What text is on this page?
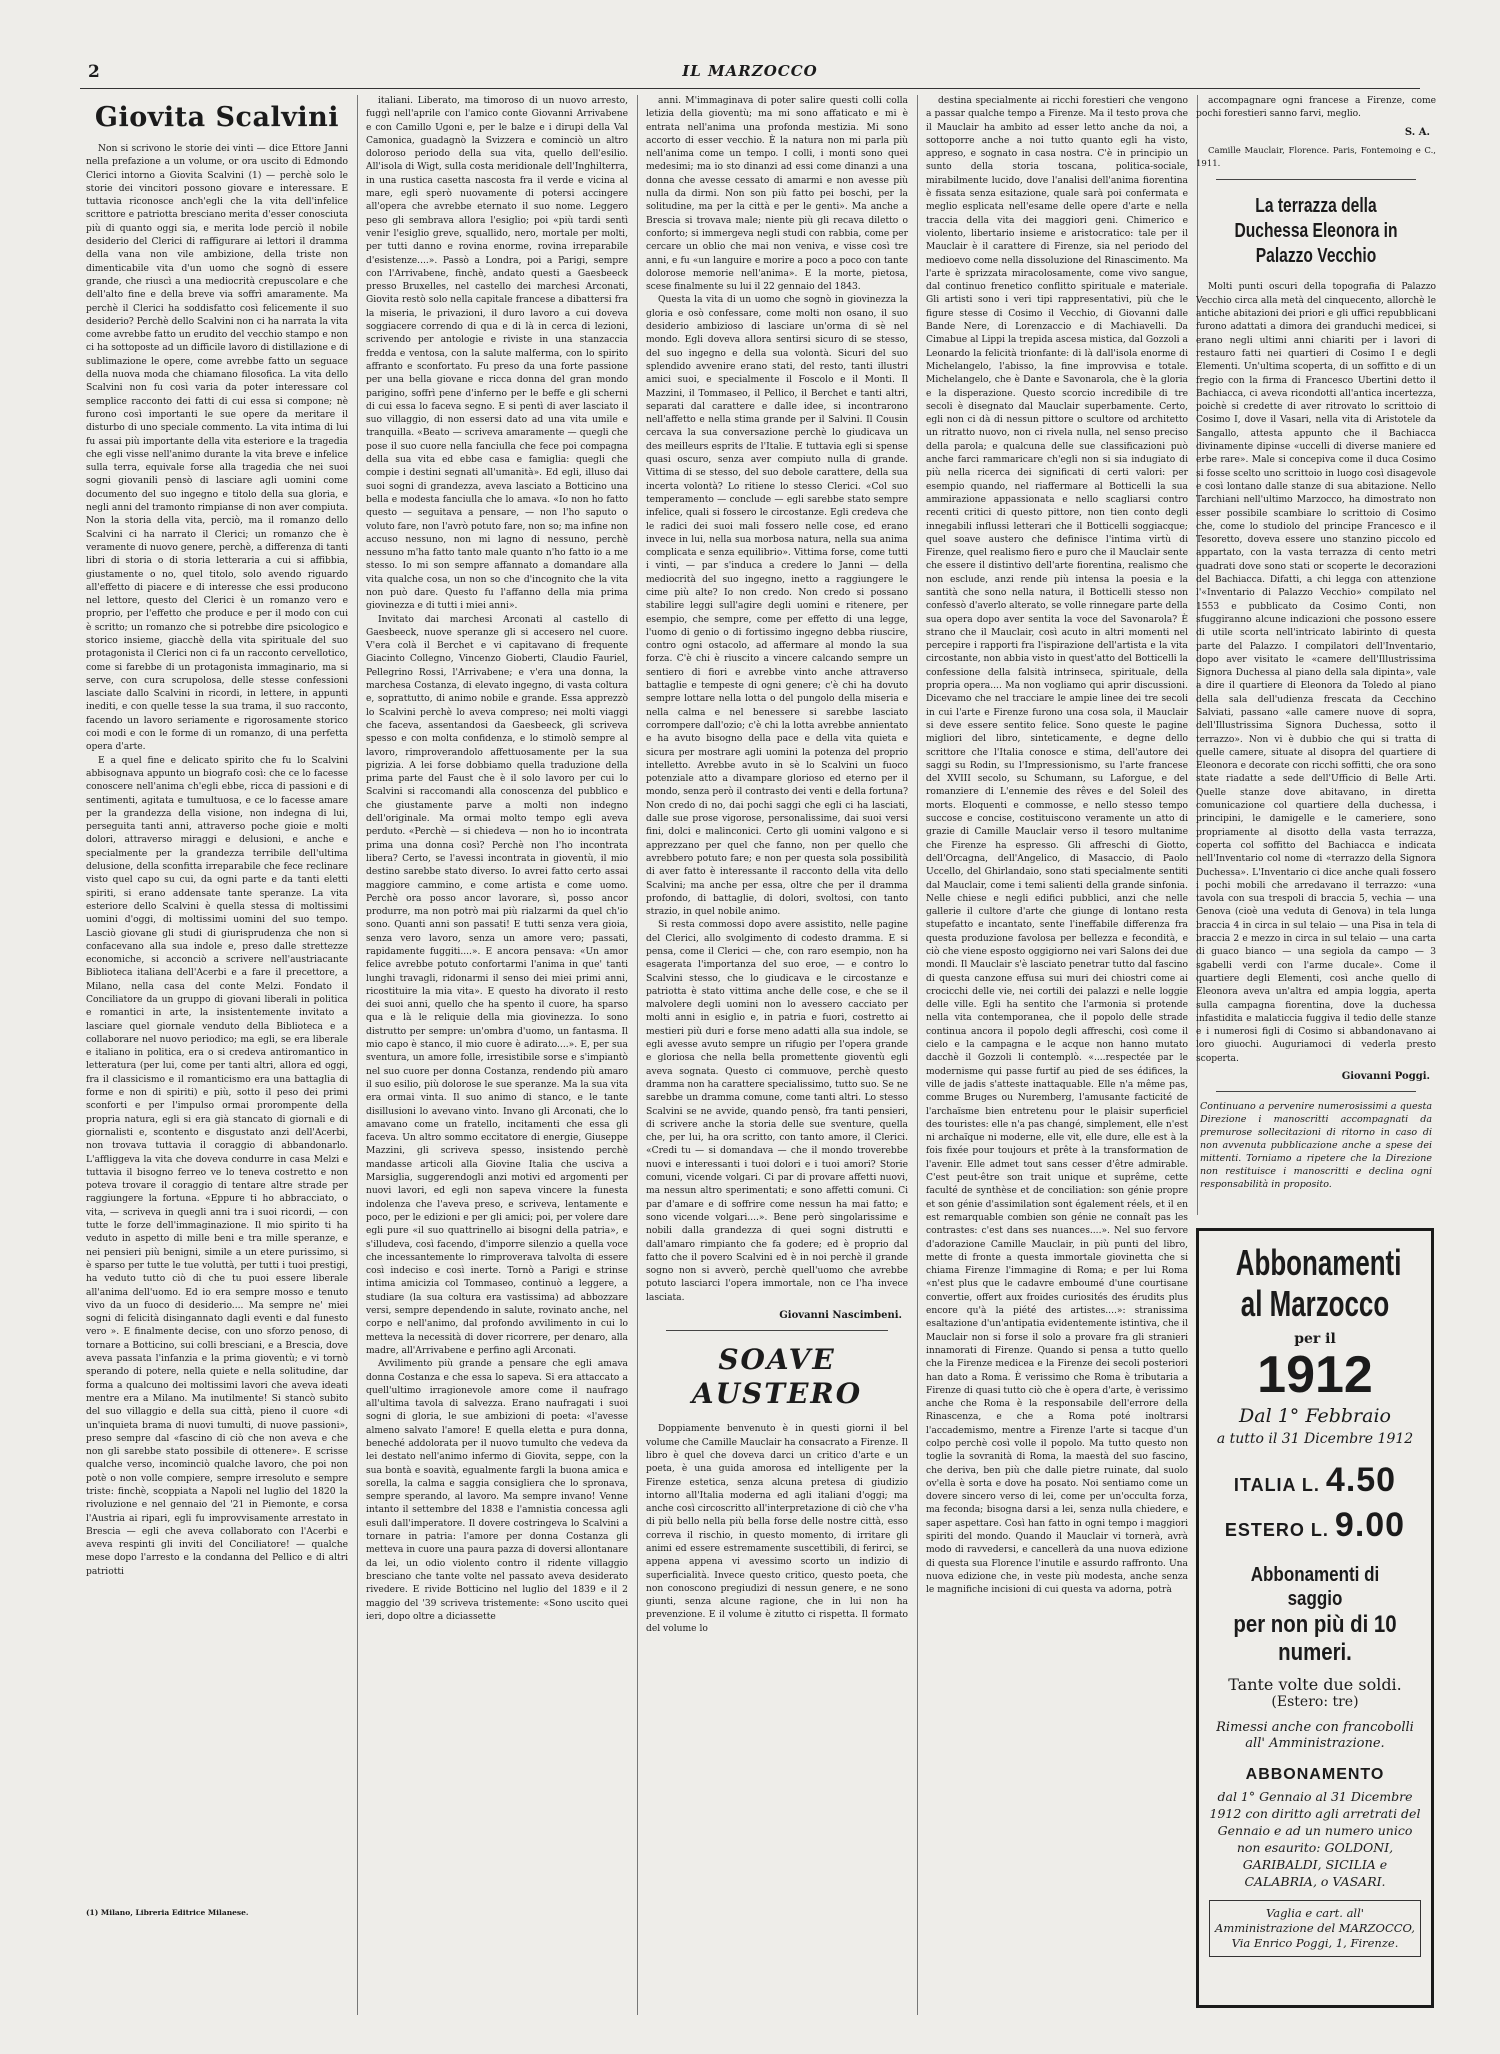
2	IL MARZOCCO
Giovita Scalvini

Non si scrivono le storie dei vinti — dice Ettore Janni nella prefazione a un volume, or ora uscito di Edmondo Clerici intorno a Giovita Scalvini (1) — perchè solo le storie dei vincitori possono giovare e interessare. E tuttavia riconosce anch'egli che la vita dell'infelice scrittore e patriotta bresciano merita d'esser conosciuta più di quanto oggi sia, e merita lode perciò il nobile desiderio del Clerici di raffigurare ai lettori il dramma della vana non vile ambizione, della triste non dimenticabile vita d'un uomo che sognò di essere grande, che riuscì a una mediocrità crepuscolare e che dell'alto fine e della breve via soffrì amaramente. Ma perchè il Clerici ha soddisfatto così felicemente il suo desiderio? Perchè dello Scalvini non ci ha narrata la vita come avrebbe fatto un erudito del vecchio stampo e non ci ha sottoposte ad un difficile lavoro di distillazione e di sublimazione le opere, come avrebbe fatto un seguace della nuova moda che chiamano filosofica. La vita dello Scalvini non fu così varia da poter interessare col semplice racconto dei fatti di cui essa si compone; nè furono così importanti le sue opere da meritare il disturbo di uno speciale commento. La vita intima di lui fu assai più importante della vita esteriore e la tragedia che egli visse nell'animo durante la vita breve e infelice sulla terra, equivale forse alla tragedia che nei suoi sogni giovanili pensò di lasciare agli uomini come documento del suo ingegno e titolo della sua gloria, e negli anni del tramonto rimpianse di non aver compiuta. Non la storia della vita, perciò, ma il romanzo dello Scalvini ci ha narrato il Clerici; un romanzo che è veramente di nuovo genere, perchè, a differenza di tanti libri di storia o di storia letteraria a cui si affibbia, giustamente o no, quel titolo, solo avendo riguardo all'effetto di piacere e di interesse che essi producono nel lettore, questo del Clerici è un romanzo vero e proprio, per l'effetto che produce e per il modo con cui è scritto; un romanzo che si potrebbe dire psicologico e storico insieme, giacchè della vita spirituale del suo protagonista il Clerici non ci fa un racconto cervellotico, come si farebbe di un protagonista immaginario, ma si serve, con cura scrupolosa, delle stesse confessioni lasciate dallo Scalvini in ricordi, in lettere, in appunti inediti, e con quelle tesse la sua trama, il suo racconto, facendo un lavoro seriamente e rigorosamente storico coi modi e con le forme di un romanzo, di una perfetta opera d'arte.

E a quel fine e delicato spirito che fu lo Scalvini abbisognava appunto un biografo così: che ce lo facesse conoscere nell'anima ch'egli ebbe, ricca di passioni e di sentimenti, agitata e tumultuosa, e ce lo facesse amare per la grandezza della visione, non indegna di lui, perseguita tanti anni, attraverso poche gioie e molti dolori, attraverso miraggi e delusioni, e anche e specialmente per la grandezza terribile dell'ultima delusione, della sconfitta irreparabile che fece reclinare visto quel capo su cui, da ogni parte e da tanti eletti spiriti, si erano addensate tante speranze. La vita esteriore dello Scalvini è quella stessa di moltissimi uomini d'oggi, di moltissimi uomini del suo tempo. Lasciò giovane gli studi di giurisprudenza che non si confacevano alla sua indole e, preso dalle strettezze economiche, si acconciò a scrivere nell'austriacante Biblioteca italiana dell'Acerbi e a fare il precettore, a Milano, nella casa del conte Melzi. Fondato il Conciliatore da un gruppo di giovani liberali in politica e romantici in arte, la insistentemente invitato a lasciare quel giornale venduto della Biblioteca e a collaborare nel nuovo periodico; ma egli, se era liberale e italiano in politica, era o si credeva antiromantico in letteratura (per lui, come per tanti altri, allora ed oggi, fra il classicismo e il romanticismo era una battaglia di forme e non di spiriti) e più, sotto il peso dei primi sconforti e per l'impulso ormai prorompente della propria natura, egli si era già stancato di giornali e di giornalisti e, scontento e disgustato anzi dell'Acerbi, non trovava tuttavia il coraggio di abbandonarlo. L'affliggeva la vita che doveva condurre in casa Melzi e tuttavia il bisogno ferreo ve lo teneva costretto e non poteva trovare il coraggio di tentare altre strade per raggiungere la fortuna. «Eppure ti ho abbracciato, o vita, — scriveva in quegli anni tra i suoi ricordi, — con tutte le forze dell'immaginazione. Il mio spirito ti ha veduto in aspetto di mille beni e tra mille speranze, e nei pensieri più benigni, simile a un etere purissimo, si è sparso per tutte le tue voluttà, per tutti i tuoi prestigi, ha veduto tutto ciò di che tu puoi essere liberale all'anima dell'uomo. Ed io era sempre mosso e tenuto vivo da un fuoco di desiderio.... Ma sempre ne' miei sogni di felicità disingannato dagli eventi e dal funesto vero ». E finalmente decise, con uno sforzo penoso, di tornare a Botticino, sui colli bresciani, e a Brescia, dove aveva passata l'infanzia e la prima gioventù; e vi tornò sperando di potere, nella quiete e nella solitudine, dar forma a qualcuno dei moltissimi lavori che aveva ideati mentre era a Milano. Ma inutilmente! Si stancò subito del suo villaggio e della sua città, pieno il cuore «di un'inquieta brama di nuovi tumulti, di nuove passioni», preso sempre dal «fascino di ciò che non aveva e che non gli sarebbe stato possibile di ottenere». E scrisse qualche verso, incominciò qualche lavoro, che poi non potè o non volle compiere, sempre irresoluto e sempre triste: finchè, scoppiata a Napoli nel luglio del 1820 la rivoluzione e nel gennaio del '21 in Piemonte, e corsa l'Austria ai ripari, egli fu improvvisamente arrestato in Brescia — egli che aveva collaborato con l'Acerbi e aveva respinti gli inviti del Conciliatore! — qualche mese dopo l'arresto e la condanna del Pellico e di altri patriotti

(1) Milano, Libreria Editrice Milanese.

italiani. Liberato, ma timoroso di un nuovo arresto, fuggì nell'aprile con l'amico conte Giovanni Arrivabene e con Camillo Ugoni e, per le balze e i dirupi della Val Camonica, guadagnò la Svizzera e cominciò un altro doloroso periodo della sua vita, quello dell'esilio. All'isola di Wigt, sulla costa meridionale dell'Inghilterra, in una rustica casetta nascosta fra il verde e vicina al mare, egli sperò nuovamente di potersi accingere all'opera che avrebbe eternato il suo nome. Leggero peso gli sembrava allora l'esiglio; poi «più tardi sentì venir l'esiglio greve, squallido, nero, mortale per molti, per tutti danno e rovina enorme, rovina irreparabile d'esistenze....». Passò a Londra, poi a Parigi, sempre con l'Arrivabene, finchè, andato questi a Gaesbeeck presso Bruxelles, nel castello dei marchesi Arconati, Giovita restò solo nella capitale francese a dibattersi fra la miseria, le privazioni, il duro lavoro a cui doveva soggiacere correndo di qua e di là in cerca di lezioni, scrivendo per antologie e riviste in una stanzaccia fredda e ventosa, con la salute malferma, con lo spirito affranto e sconfortato. Fu preso da una forte passione per una bella giovane e ricca donna del gran mondo parigino, soffrì pene d'inferno per le beffe e gli scherni di cui essa lo faceva segno. E si pentì di aver lasciato il suo villaggio, di non essersi dato ad una vita umile e tranquilla. «Beato — scriveva amaramente — quegli che pose il suo cuore nella fanciulla che fece poi compagna della sua vita ed ebbe casa e famiglia: quegli che compie i destini segnati all'umanità». Ed egli, illuso dai suoi sogni di grandezza, aveva lasciato a Botticino una bella e modesta fanciulla che lo amava. «Io non ho fatto questo — seguitava a pensare, — non l'ho saputo o voluto fare, non l'avrò potuto fare, non so; ma infine non accuso nessuno, non mi lagno di nessuno, perchè nessuno m'ha fatto tanto male quanto n'ho fatto io a me stesso. Io mi son sempre affannato a domandare alla vita qualche cosa, un non so che d'incognito che la vita non può dare. Questo fu l'affanno della mia prima giovinezza e di tutti i miei anni».

Invitato dai marchesi Arconati al castello di Gaesbeeck, nuove speranze gli si accesero nel cuore. V'era colà il Berchet e vi capitavano di frequente Giacinto Collegno, Vincenzo Gioberti, Claudio Fauriel, Pellegrino Rossi, l'Arrivabene; e v'era una donna, la marchesa Costanza, di elevato ingegno, di vasta coltura e, soprattutto, di animo nobile e grande. Essa apprezzò lo Scalvini perchè lo aveva compreso; nei molti viaggi che faceva, assentandosi da Gaesbeeck, gli scriveva spesso e con molta confidenza, e lo stimolò sempre al lavoro, rimproverandolo affettuosamente per la sua pigrizia. A lei forse dobbiamo quella traduzione della prima parte del Faust che è il solo lavoro per cui lo Scalvini si raccomandi alla conoscenza del pubblico e che giustamente parve a molti non indegno dell'originale. Ma ormai molto tempo egli aveva perduto. «Perchè — si chiedeva — non ho io incontrata prima una donna così? Perchè non l'ho incontrata libera? Certo, se l'avessi incontrata in gioventù, il mio destino sarebbe stato diverso. Io avrei fatto certo assai maggiore cammino, e come artista e come uomo. Perchè ora posso ancor lavorare, sì, posso ancor produrre, ma non potrò mai più rialzarmi da quel ch'io sono. Quanti anni son passati! E tutti senza vera gioia, senza vero lavoro, senza un amore vero; passati, rapidamente fuggiti....». E ancora pensava: «Un amor felice avrebbe potuto confortarmi l'anima in que' tanti lunghi travagli, ridonarmi il senso dei miei primi anni, ricostituire la mia vita». E questo ha divorato il resto dei suoi anni, quello che ha spento il cuore, ha sparso qua e là le reliquie della mia giovinezza. Io sono distrutto per sempre: un'ombra d'uomo, un fantasma. Il mio capo è stanco, il mio cuore è adirato....». E, per sua sventura, un amore folle, irresistibile sorse e s'impiantò nel suo cuore per donna Costanza, rendendo più amaro il suo esilio, più dolorose le sue speranze. Ma la sua vita era ormai vinta. Il suo animo di stanco, e le tante disillusioni lo avevano vinto. Invano gli Arconati, che lo amavano come un fratello, incitamenti che essa gli faceva. Un altro sommo eccitatore di energie, Giuseppe Mazzini, gli scriveva spesso, insistendo perchè mandasse articoli alla Giovine Italia che usciva a Marsiglia, suggerendogli anzi motivi ed argomenti per nuovi lavori, ed egli non sapeva vincere la funesta indolenza che l'aveva preso, e scriveva, lentamente e poco, per le edizioni e per gli amici; poi, per volere dare egli pure «il suo quattrinello ai bisogni della patria», e s'illudeva, così facendo, d'imporre silenzio a quella voce che incessantemente lo rimproverava talvolta di essere così indeciso e così inerte. Tornò a Parigi e strinse intima amicizia col Tommaseo, continuò a leggere, a studiare (la sua coltura era vastissima) ad abbozzare versi, sempre dependendo in salute, rovinato anche, nel corpo e nell'animo, dal profondo avvilimento in cui lo metteva la necessità di dover ricorrere, per denaro, alla madre, all'Arrivabene e perfino agli Arconati.

Avvilimento più grande a pensare che egli amava donna Costanza e che essa lo sapeva. Si era attaccato a quell'ultimo irragionevole amore come il naufrago all'ultima tavola di salvezza. Erano naufragati i suoi sogni di gloria, le sue ambizioni di poeta: «l'avesse almeno salvato l'amore! E quella eletta e pura donna, beneché addolorata per il nuovo tumulto che vedeva da lei destato nell'animo infermo di Giovita, seppe, con la sua bontà e soavità, egualmente fargli la buona amica e sorella, la calma e saggia consigliera che lo spronava, sempre sperando, al lavoro. Ma sempre invano! Venne intanto il settembre del 1838 e l'amnistia concessa agli esuli dall'imperatore. Il dovere costringeva lo Scalvini a tornare in patria: l'amore per donna Costanza gli metteva in cuore una paura pazza di doversi allontanare da lei, un odio violento contro il ridente villaggio bresciano che tante volte nel passato aveva desiderato rivedere. E rivide Botticino nel luglio del 1839 e il 2 maggio del '39 scriveva tristemente: «Sono uscito quei ieri, dopo oltre a diciassette

anni. M'immaginava di poter salire questi colli colla letizia della gioventù; ma mi sono affaticato e mi è entrata nell'anima una profonda mestizia. Mi sono accorto di esser vecchio. È la natura non mi parla più nell'anima come un tempo. I colli, i monti sono quei medesimi; ma io sto dinanzi ad essi come dinanzi a una donna che avesse cessato di amarmi e non avesse più nulla da dirmi. Non son più fatto pei boschi, per la solitudine, ma per la città e per le genti». Ma anche a Brescia si trovava male; niente più gli recava diletto o conforto; si immergeva negli studi con rabbia, come per cercare un oblio che mai non veniva, e visse così tre anni, e fu «un languire e morire a poco a poco con tante dolorose memorie nell'anima». E la morte, pietosa, scese finalmente su lui il 22 gennaio del 1843.

Questa la vita di un uomo che sognò in giovinezza la gloria e osò confessare, come molti non osano, il suo desiderio ambizioso di lasciare un'orma di sè nel mondo. Egli doveva allora sentirsi sicuro di se stesso, del suo ingegno e della sua volontà. Sicuri del suo splendido avvenire erano stati, del resto, tanti illustri amici suoi, e specialmente il Foscolo e il Monti. Il Mazzini, il Tommaseo, il Pellico, il Berchet e tanti altri, separati dal carattere e dalle idee, si incontrarono nell'affetto e nella stima grande per il Salvini. Il Cousin cercava la sua conversazione perchè lo giudicava un des meilleurs esprits de l'Italie. E tuttavia egli si spense quasi oscuro, senza aver compiuto nulla di grande. Vittima di se stesso, del suo debole carattere, della sua incerta volontà? Lo ritiene lo stesso Clerici. «Col suo temperamento — conclude — egli sarebbe stato sempre infelice, quali si fossero le circostanze. Egli credeva che le radici dei suoi mali fossero nelle cose, ed erano invece in lui, nella sua morbosa natura, nella sua anima complicata e senza equilibrio». Vittima forse, come tutti i vinti, — par s'induca a credere lo Janni — della mediocrità del suo ingegno, inetto a raggiungere le cime più alte? Io non credo. Non credo si possano stabilire leggi sull'agire degli uomini e ritenere, per esempio, che sempre, come per effetto di una legge, l'uomo di genio o di fortissimo ingegno debba riuscire, contro ogni ostacolo, ad affermare al mondo la sua forza. C'è chi è riuscito a vincere calcando sempre un sentiero di fiori e avrebbe vinto anche attraverso battaglie e tempeste di ogni genere; c'è chi ha dovuto sempre lottare nella lotta o del pungolo della miseria e nella calma e nel benessere si sarebbe lasciato corrompere dall'ozio; c'è chi la lotta avrebbe annientato e ha avuto bisogno della pace e della vita quieta e sicura per mostrare agli uomini la potenza del proprio intelletto. Avrebbe avuto in sè lo Scalvini un fuoco potenziale atto a divampare glorioso ed eterno per il mondo, senza però il contrasto dei venti e della fortuna? Non credo di no, dai pochi saggi che egli ci ha lasciati, dalle sue prose vigorose, personalissime, dai suoi versi fini, dolci e malinconici. Certo gli uomini valgono e si apprezzano per quel che fanno, non per quello che avrebbero potuto fare; e non per questa sola possibilità di aver fatto è interessante il racconto della vita dello Scalvini; ma anche per essa, oltre che per il dramma profondo, di battaglie, di dolori, svoltosi, con tanto strazio, in quel nobile animo.

Si resta commossi dopo avere assistito, nelle pagine del Clerici, allo svolgimento di codesto dramma. E si pensa, come il Clerici — che, con raro esempio, non ha esagerata l'importanza del suo eroe, — e contro lo Scalvini stesso, che lo giudicava e le circostanze e patriotta è stato vittima anche delle cose, e che se il malvolere degli uomini non lo avessero cacciato per molti anni in esiglio e, in patria e fuori, costretto ai mestieri più duri e forse meno adatti alla sua indole, se egli avesse avuto sempre un rifugio per l'opera grande e gloriosa che nella bella promettente gioventù egli aveva sognata. Questo ci commuove, perchè questo dramma non ha carattere specialissimo, tutto suo. Se ne sarebbe un dramma comune, come tanti altri. Lo stesso Scalvini se ne avvide, quando pensò, fra tanti pensieri, di scrivere anche la storia delle sue sventure, quella che, per lui, ha ora scritto, con tanto amore, il Clerici. «Credi tu — si domandava — che il mondo troverebbe nuovi e interessanti i tuoi dolori e i tuoi amori? Storie comuni, vicende volgari. Ci par di provare affetti nuovi, ma nessun altro sperimentati; e sono affetti comuni. Ci par d'amare e di soffrire come nessun ha mai fatto; e sono vicende volgari....». Bene però singolarissime e nobili dalla grandezza di quei sogni distrutti e dall'amaro rimpianto che fa godere; ed è proprio dal fatto che il povero Scalvini ed è in noi perchè il grande sogno non si avverò, perchè quell'uomo che avrebbe potuto lasciarci l'opera immortale, non ce l'ha invece lasciata.

Giovanni Nascimbeni.
SOAVE AUSTERO

Doppiamente benvenuto è in questi giorni il bel volume che Camille Mauclair ha consacrato a Firenze. Il libro è quel che doveva darci un critico d'arte e un poeta, è una guida amorosa ed intelligente per la Firenze estetica, senza alcuna pretesa di giudizio intorno all'Italia moderna ed agli italiani d'oggi; ma anche così circoscritto all'interpretazione di ciò che v'ha di più bello nella più bella forse delle nostre città, esso correva il rischio, in questo momento, di irritare gli animi ed essere estremamente suscettibili, di ferirci, se appena appena vi avessimo scorto un indizio di superficialità. Invece questo critico, questo poeta, che non conoscono pregiudizi di nessun genere, e ne sono giunti, senza alcune ragione, che in lui non ha prevenzione. E il volume è zitutto ci rispetta. Il formato del volume lo

destina specialmente ai ricchi forestieri che vengono a passar qualche tempo a Firenze. Ma il testo prova che il Mauclair ha ambito ad esser letto anche da noi, a sottoporre anche a noi tutto quanto egli ha visto, appreso, e sognato in casa nostra. C'è in principio un sunto della storia toscana, politica-sociale, mirabilmente lucido, dove l'analisi dell'anima fiorentina è fissata senza esitazione, quale sarà poi confermata e meglio esplicata nell'esame delle opere d'arte e nella traccia della vita dei maggiori geni. Chimerico e violento, libertario insieme e aristocratico: tale per il Mauclair è il carattere di Firenze, sia nel periodo del medioevo come nella dissoluzione del Rinascimento. Ma l'arte è sprizzata miracolosamente, come vivo sangue, dal continuo frenetico conflitto spirituale e materiale. Gli artisti sono i veri tipi rappresentativi, più che le figure stesse di Cosimo il Vecchio, di Giovanni dalle Bande Nere, di Lorenzaccio e di Machiavelli. Da Cimabue al Lippi la trepida ascesa mistica, dal Gozzoli a Leonardo la felicità trionfante: di là dall'isola enorme di Michelangelo, l'abisso, la fine improvvisa e totale. Michelangelo, che è Dante e Savonarola, che è la gloria e la disperazione. Questo scorcio incredibile di tre secoli è disegnato dal Mauclair superbamente. Certo, egli non ci dà di nessun pittore o scultore od architetto un ritratto nuovo, non ci rivela nulla, nel senso preciso della parola; e qualcuna delle sue classificazioni può anche farci rammaricare ch'egli non si sia indugiato di più nella ricerca dei significati di certi valori: per esempio quando, nel riaffermare al Botticelli la sua ammirazione appassionata e nello scagliarsi contro recenti critici di questo pittore, non tien conto degli innegabili influssi letterari che il Botticelli soggiacque; quel soave austero che definisce l'intima virtù di Firenze, quel realismo fiero e puro che il Mauclair sente che essere il distintivo dell'arte fiorentina, realismo che non esclude, anzi rende più intensa la poesia e la santità che sono nella natura, il Botticelli stesso non confessò d'averlo alterato, se volle rinnegare parte della sua opera dopo aver sentita la voce del Savonarola? È strano che il Mauclair, così acuto in altri momenti nel percepire i rapporti fra l'ispirazione dell'artista e la vita circostante, non abbia visto in quest'atto del Botticelli la confessione della falsità intrinseca, spirituale, della propria opera.... Ma non vogliamo qui aprir discussioni. Dicevamo che nel tracciare le ampie linee dei tre secoli in cui l'arte e Firenze furono una cosa sola, il Mauclair si deve essere sentito felice. Sono queste le pagine migliori del libro, sinteticamente, e degne dello scrittore che l'Italia conosce e stima, dell'autore dei saggi su Rodin, su l'Impressionismo, su l'arte francese del XVIII secolo, su Schumann, su Laforgue, e del romanziere di L'ennemie des rêves e del Soleil des morts. Eloquenti e commosse, e nello stesso tempo succose e concise, costituiscono veramente un atto di grazie di Camille Mauclair verso il tesoro multanime che Firenze ha espresso. Gli affreschi di Giotto, dell'Orcagna, dell'Angelico, di Masaccio, di Paolo Uccello, del Ghirlandaio, sono stati specialmente sentiti dal Mauclair, come i temi salienti della grande sinfonia. Nelle chiese e negli edifici pubblici, anzi che nelle gallerie il cultore d'arte che giunge di lontano resta stupefatto e incantato, sente l'ineffabile differenza fra questa produzione favolosa per bellezza e fecondità, e ciò che viene esposto oggigiorno nei vari Salons dei due mondi. Il Mauclair s'è lasciato penetrar tutto dal fascino di questa canzone effusa sui muri dei chiostri come ai crocicchi delle vie, nei cortili dei palazzi e nelle loggie delle ville. Egli ha sentito che l'armonia si protende nella vita contemporanea, che il popolo delle strade continua ancora il popolo degli affreschi, così come il cielo e la campagna e le acque non hanno mutato dacchè il Gozzoli li contemplò. «....respectée par le modernisme qui passe furtif au pied de ses édifices, la ville de jadis s'atteste inattaquable. Elle n'a même pas, comme Bruges ou Nuremberg, l'amusante facticité de l'archaïsme bien entretenu pour le plaisir superficiel des touristes: elle n'a pas changé, simplement, elle n'est ni archaïque ni moderne, elle vit, elle dure, elle est à la fois fixée pour toujours et prête à la transformation de l'avenir. Elle admet tout sans cesser d'être admirable. C'est peut-être son trait unique et suprême, cette faculté de synthèse et de conciliation: son génie propre et son génie d'assimilation sont également réels, et il en est remarquable combien son génie ne connaît pas les contrastes: c'est dans ses nuances....». Nel suo fervore d'adorazione Camille Mauclair, in più punti del libro, mette di fronte a questa immortale giovinetta che si chiama Firenze l'immagine di Roma; e per lui Roma «n'est plus que le cadavre emboumé d'une courtisane convertie, offert aux froides curiosités des érudits plus encore qu'à la piété des artistes....»: stranissima esaltazione d'un'antipatia evidentemente istintiva, che il Mauclair non si forse il solo a provare fra gli stranieri innamorati di Firenze. Quando si pensa a tutto quello che la Firenze medicea e la Firenze dei secoli posteriori han dato a Roma. È verissimo che Roma è tributaria a Firenze di quasi tutto ciò che è opera d'arte, è verissimo anche che Roma è la responsabile dell'errore della Rinascenza, e che a Roma poté inoltrarsi l'accademismo, mentre a Firenze l'arte si tacque d'un colpo perchè così volle il popolo. Ma tutto questo non toglie la sovranità di Roma, la maestà del suo fascino, che deriva, ben più che dalle pietre ruinate, dal suolo ov'ella è sorta e dove ha posato. Noi sentiamo come un dovere sincero verso di lei, come per un'occulta forza, ma feconda; bisogna darsi a lei, senza nulla chiedere, e saper aspettare. Così han fatto in ogni tempo i maggiori spiriti del mondo. Quando il Mauclair vi tornerà, avrà modo di ravvedersi, e cancellerà da una nuova edizione di questa sua Florence l'inutile e assurdo raffronto. Una nuova edizione che, in veste più modesta, anche senza le magnifiche incisioni di cui questa va adorna, potrà

accompagnare ogni francese a Firenze, come pochi forestieri sanno farvi, meglio.

S. A.

Camille Mauclair, Florence. Paris, Fontemoing e C., 1911.

La terrazza della Duchessa Eleonora in Palazzo Vecchio

Molti punti oscuri della topografia di Palazzo Vecchio circa alla metà del cinquecento, allorchè le antiche abitazioni dei priori e gli uffici repubblicani furono adattati a dimora dei granduchi medicei, si erano negli ultimi anni chiariti per i lavori di restauro fatti nei quartieri di Cosimo I e degli Elementi. Un'ultima scoperta, di un soffitto e di un fregio con la firma di Francesco Ubertini detto il Bachiacca, ci aveva ricondotti all'antica incertezza, poichè si credette di aver ritrovato lo scrittoio di Cosimo I, dove il Vasari, nella vita di Aristotele da Sangallo, attesta appunto che il Bachiacca divinamente dipinse «uccelli di diverse maniere ed erbe rare». Male si concepiva come il duca Cosimo si fosse scelto uno scrittoio in luogo così disagevole e così lontano dalle stanze di sua abitazione. Nello Tarchiani nell'ultimo Marzocco, ha dimostrato non esser possibile scambiare lo scrittoio di Cosimo che, come lo studiolo del principe Francesco e il Tesoretto, doveva essere uno stanzino piccolo ed appartato, con la vasta terrazza di cento metri quadrati dove sono stati or scoperte le decorazioni del Bachiacca. Difatti, a chi legga con attenzione l'«Inventario di Palazzo Vecchio» compilato nel 1553 e pubblicato da Cosimo Conti, non sfuggiranno alcune indicazioni che possono essere di utile scorta nell'intricato labirinto di questa parte del Palazzo. I compilatori dell'Inventario, dopo aver visitato le «camere dell'Illustrissima Signora Duchessa al piano della sala dipinta», vale a dire il quartiere di Eleonora da Toledo al piano della sala dell'udienza frescata da Cecchino Salviati, passano «alle camere nuove di sopra, dell'Illustrissima Signora Duchessa, sotto il terrazzo». Non vi è dubbio che qui si tratta di quelle camere, situate al disopra del quartiere di Eleonora e decorate con ricchi soffitti, che ora sono state riadatte a sede dell'Ufficio di Belle Arti. Quelle stanze dove abitavano, in diretta comunicazione col quartiere della duchessa, i principini, le damigelle e le cameriere, sono propriamente al disotto della vasta terrazza, coperta col soffitto del Bachiacca e indicata nell'Inventario col nome di «terrazzo della Signora Duchessa». L'Inventario ci dice anche quali fossero i pochi mobili che arredavano il terrazzo: «una tavola con sua trespoli di braccia 5, vechia — una Genova (cioè una veduta di Genova) in tela lunga braccia 4 in circa in sul telaio — una Pisa in tela di braccia 2 e mezzo in circa in sul telaio — una carta di guaco bianco — una segiola da campo — 3 sgabelli verdi con l'arme ducale». Come il quartiere degli Elementi, così anche quello di Eleonora aveva un'altra ed ampia loggia, aperta sulla campagna fiorentina, dove la duchessa infastidita e malaticcia fuggiva il tedio delle stanze e i numerosi figli di Cosimo si abbandonavano ai loro giuochi. Auguriamoci di vederla presto scoperta.

Giovanni Poggi.
Continuano a pervenire numerosissimi a questa Direzione i manoscritti accompagnati da premurose sollecitazioni di ritorno in caso di non avvenuta pubblicazione anche a spese dei mittenti. Torniamo a ripetere che la Direzione non restituisce i manoscritti e declina ogni responsabilità in proposito.
Abbonamenti
al Marzocco
per il
1912
Dal 1° Febbraio
a tutto il 31 Dicembre 1912
ITALIA L. 4.50
ESTERO L. 9.00
Abbonamenti di saggio
per non più di 10 numeri.
Tante volte due soldi.
(Estero: tre)
Rimessi anche con francobolli all' Amministrazione.
ABBONAMENTO
dal 1° Gennaio al 31 Dicembre 1912 con diritto agli arretrati del Gennaio e ad un numero unico non esaurito: GOLDONI, GARIBALDI, SICILIA e CALABRIA, o VASARI.
Vaglia e cart. all' Amministrazione del MARZOCCO, Via Enrico Poggi, 1, Firenze.
